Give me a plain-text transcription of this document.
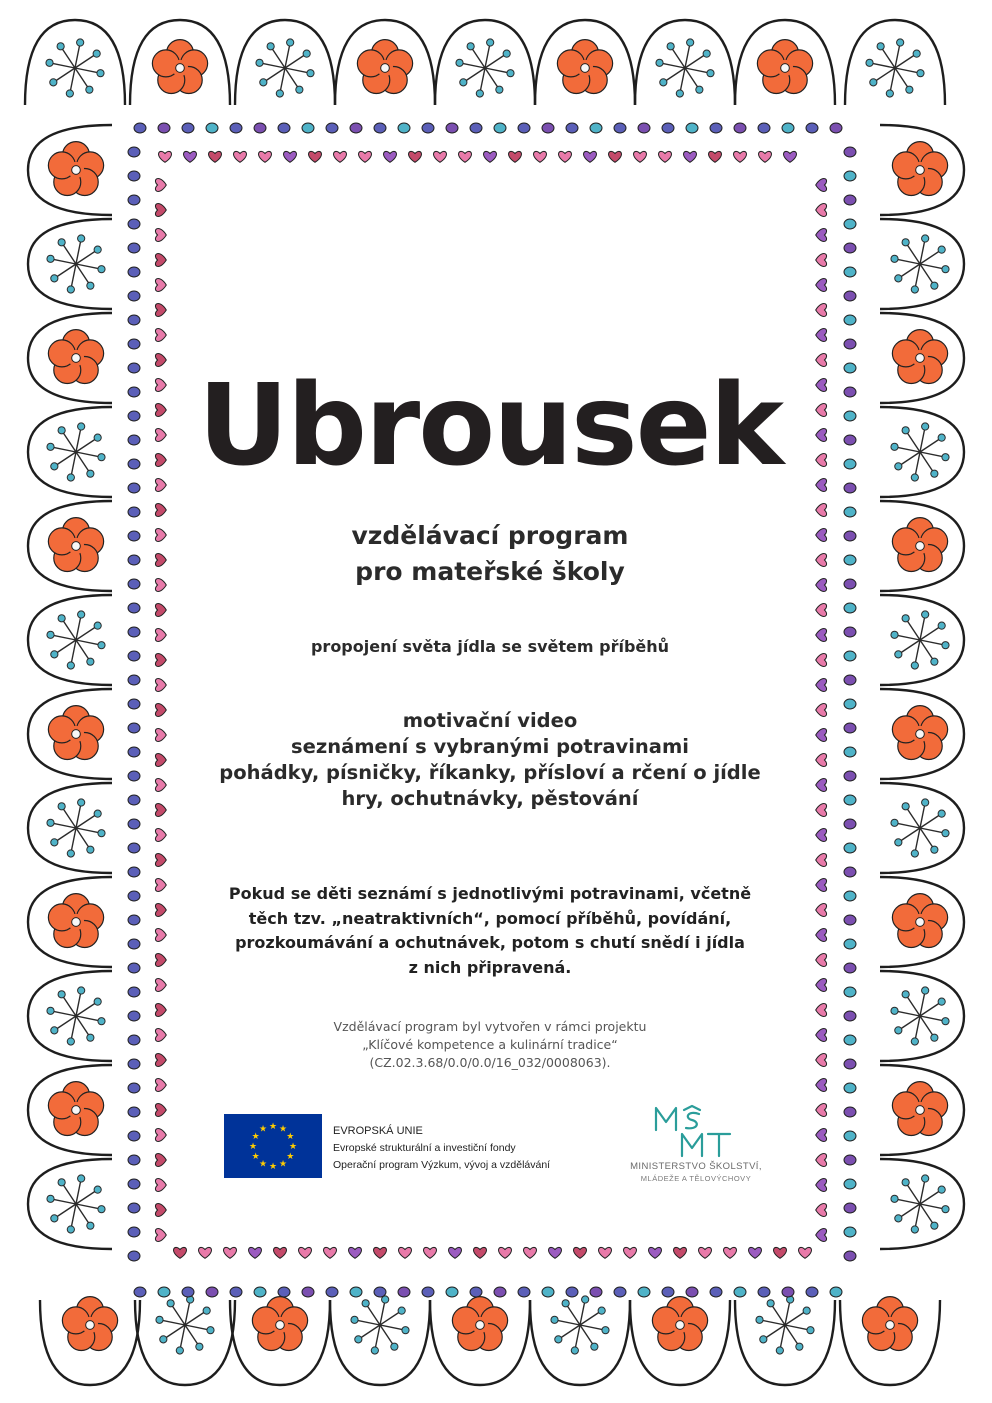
Ubrousek
vzdělávací program
pro mateřské školy
propojení světa jídla se světem příběhů
motivační video
seznámení s vybranými potravinami
pohádky, písničky, říkanky, přísloví a rčení o jídle
hry, ochutnávky, pěstování
Pokud se děti seznámí s jednotlivými potravinami, včetně
těch tzv. „neatraktivních“, pomocí příběhů, povídání,
prozkoumávání a ochutnávek, potom s chutí snědí i jídla
z nich připravená.
Vzdělávací program byl vytvořen v rámci projektu
„Klíčové kompetence a kulinární tradice“
(CZ.02.3.68/0.0/0.0/16_032/0008063).
★
★
★
★
★
★
★
★
★ ★ ★
★	EVROPSKÁ UNIE
Evropské strukturální a investiční fondy
Operační program Výzkum, vývoj a vzdělávání	MINISTERSTVO ŠKOLSTVÍ,
MLÁDEŽE A TĚLOVÝCHOVY
